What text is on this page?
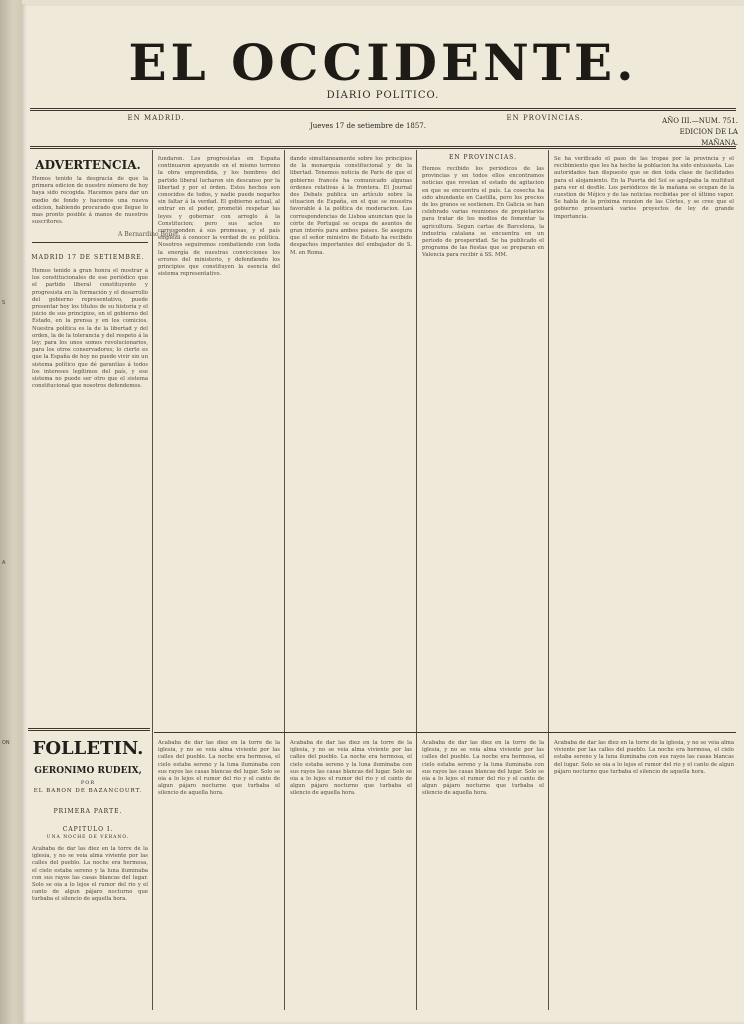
S
A
ON
EL OCCIDENTE.
DIARIO POLITICO.
EN MADRID.
Jueves 17 de setiembre de 1857.
EN PROVINCIAS.	AÑO III.—NUM. 751.
EDICION DE LA MAÑANA.
ADVERTENCIA.
Hemos tenido la desgracia de que la primera edicion de nuestro número de hoy haya sido recogida. Hacemos para dar un medio de fondo y hacemos una nueva edicion, habiendo procurado que llegue lo mas pronto posible á manos de nuestros suscritores.
A Bernardino Bonet.
MADRID 17 DE SETIEMBRE.
Hemos tenido á gran honra el mostrar á los constitucionales de ese periódico que el partido liberal constituyente y progresista en la formación y el desarrollo del gobierno representativo, puede presentar hoy los títulos de su historia y el juicio de sus principios, en el gobierno del Estado, en la prensa y en los comicios. Nuestra política es la de la libertad y del orden, la de la tolerancia y del respeto á la ley; para los unos somos revolucionarios, para los otros conservadores; lo cierto es que la España de hoy no puede vivir sin un sistema político que dé garantías á todos los intereses legítimos del país, y ese sistema no puede ser otro que el sistema constitucional que nosotros defendemos.
FOLLETIN.
GERONIMO RUDEIX,
POR
EL BARON DE BAZANCOURT.
PRIMERA PARTE.
CAPITULO I.
UNA NOCHE DE VERANO.
Acababa de dar las diez en la torre de la iglesia, y no se veia alma viviente por las calles del pueblo. La noche era hermosa, el cielo estaba sereno y la luna iluminaba con sus rayos las casas blancas del lugar. Solo se oia a lo lejos el rumor del rio y el canto de algun pájaro nocturno que turbaba el silencio de aquella hora.
fundaron. Los progresistas en España continuaron apoyando en el mismo terreno la obra emprendida, y los hombres del partido liberal lucharon sin descanso por la libertad y por el órden. Estos hechos son conocidos de todos, y nadie puede negarlos sin faltar á la verdad. El gobierno actual, al entrar en el poder, prometió respetar las leyes y gobernar con arreglo á la Constitucion; pero sus actos no corresponden á sus promesas, y el país empieza á conocer la verdad de su política. Nosotros seguiremos combatiendo con toda la energía de nuestras convicciones los errores del ministerio, y defendiendo los principios que constituyen la esencia del sistema representativo.
dando simultáneamente sobre los principios de la monarquía constitucional y de la libertad. Tenemos noticia de Paris de que el gobierno francés ha comunicado algunas órdenes relativas á la frontera. El Journal des Debats publica un artículo sobre la situacion de España, en el que se muestra favorable á la política de moderacion. Las correspondencias de Lisboa anuncian que la córte de Portugal se ocupa de asuntos de gran interés para ambos paises. Se asegura que el señor ministro de Estado ha recibido despachos importantes del embajador de S. M. en Roma.
EN PROVINCIAS.
Hemos recibido los periódicos de las provincias y en todos ellos encontramos noticias que revelan el estado de agitacion en que se encuentra el país. La cosecha ha sido abundante en Castilla, pero los precios de los granos se sostienen. En Galicia se han celebrado varias reuniones de propietarios para tratar de los medios de fomentar la agricultura. Segun cartas de Barcelona, la industria catalana se encuentra en un periodo de prosperidad. Se ha publicado el programa de las fiestas que se preparan en Valencia para recibir á SS. MM.
Se ha verificado el paso de las tropas por la provincia y el recibimiento que les ha hecho la poblacion ha sido entusiasta. Las autoridades han dispuesto que se den toda clase de facilidades para el alojamiento. En la Puerta del Sol se agolpaba la multitud para ver el desfile. Los periódicos de la mañana se ocupan de la cuestion de Méjico y de las noticias recibidas por el último vapor. Se habla de la próxima reunion de las Córtes, y se cree que el gobierno presentará varios proyectos de ley de grande importancia.
Acababa de dar las diez en la torre de la iglesia, y no se veia alma viviente por las calles del pueblo. La noche era hermosa, el cielo estaba sereno y la luna iluminaba con sus rayos las casas blancas del lugar. Solo se oia a lo lejos el rumor del rio y el canto de algun pájaro nocturno que turbaba el silencio de aquella hora.
Acababa de dar las diez en la torre de la iglesia, y no se veia alma viviente por las calles del pueblo. La noche era hermosa, el cielo estaba sereno y la luna iluminaba con sus rayos las casas blancas del lugar. Solo se oia a lo lejos el rumor del rio y el canto de algun pájaro nocturno que turbaba el silencio de aquella hora.
Acababa de dar las diez en la torre de la iglesia, y no se veia alma viviente por las calles del pueblo. La noche era hermosa, el cielo estaba sereno y la luna iluminaba con sus rayos las casas blancas del lugar. Solo se oia a lo lejos el rumor del rio y el canto de algun pájaro nocturno que turbaba el silencio de aquella hora.
Acababa de dar las diez en la torre de la iglesia, y no se veia alma viviente por las calles del pueblo. La noche era hermosa, el cielo estaba sereno y la luna iluminaba con sus rayos las casas blancas del lugar. Solo se oia a lo lejos el rumor del rio y el canto de algun pájaro nocturno que turbaba el silencio de aquella hora.
